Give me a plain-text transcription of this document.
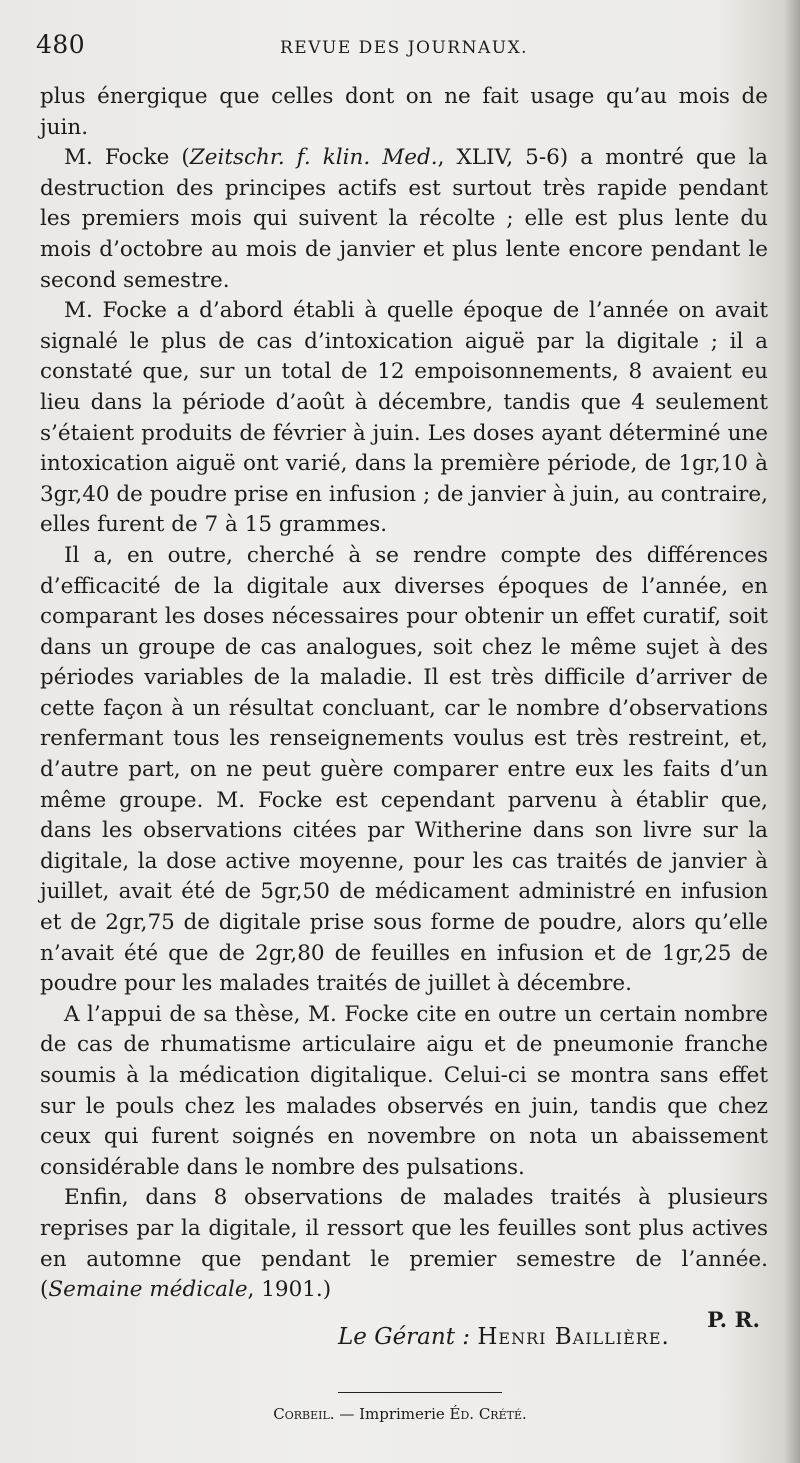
480	REVUE DES JOURNAUX.

plus énergique que celles dont on ne fait usage qu’au mois de juin.

M. Focke (Zeitschr. f. klin. Med., XLIV, 5-6) a montré que la destruction des principes actifs est surtout très rapide pendant les premiers mois qui suivent la récolte ; elle est plus lente du mois d’octobre au mois de janvier et plus lente encore pendant le second semestre.

M. Focke a d’abord établi à quelle époque de l’année on avait signalé le plus de cas d’intoxication aiguë par la digitale ; il a constaté que, sur un total de 12 empoisonnements, 8 avaient eu lieu dans la période d’août à décembre, tandis que 4 seulement s’étaient produits de février à juin. Les doses ayant déterminé une intoxication aiguë ont varié, dans la première période, de 1gr,10 à 3gr,40 de poudre prise en infusion ; de janvier à juin, au contraire, elles furent de 7 à 15 grammes.

Il a, en outre, cherché à se rendre compte des différences d’efficacité de la digitale aux diverses époques de l’année, en comparant les doses nécessaires pour obtenir un effet curatif, soit dans un groupe de cas analogues, soit chez le même sujet à des périodes variables de la maladie. Il est très difficile d’arriver de cette façon à un résultat concluant, car le nombre d’observations renfermant tous les renseignements voulus est très restreint, et, d’autre part, on ne peut guère comparer entre eux les faits d’un même groupe. M. Focke est cependant parvenu à établir que, dans les observations citées par Witherine dans son livre sur la digitale, la dose active moyenne, pour les cas traités de janvier à juillet, avait été de 5gr,50 de médicament administré en infusion et de 2gr,75 de digitale prise sous forme de poudre, alors qu’elle n’avait été que de 2gr,80 de feuilles en infusion et de 1gr,25 de poudre pour les malades traités de juillet à décembre.

A l’appui de sa thèse, M. Focke cite en outre un certain nombre de cas de rhumatisme articulaire aigu et de pneumonie franche soumis à la médication digitalique. Celui-ci se montra sans effet sur le pouls chez les malades observés en juin, tandis que chez ceux qui furent soignés en novembre on nota un abaissement considérable dans le nombre des pulsations.

Enfin, dans 8 observations de malades traités à plusieurs reprises par la digitale, il ressort que les feuilles sont plus actives en automne que pendant le premier semestre de l’année. (Semaine médicale, 1901.)

P. R.
Le Gérant : Henri Baillière.
Corbeil. — Imprimerie Éd. Crété.
